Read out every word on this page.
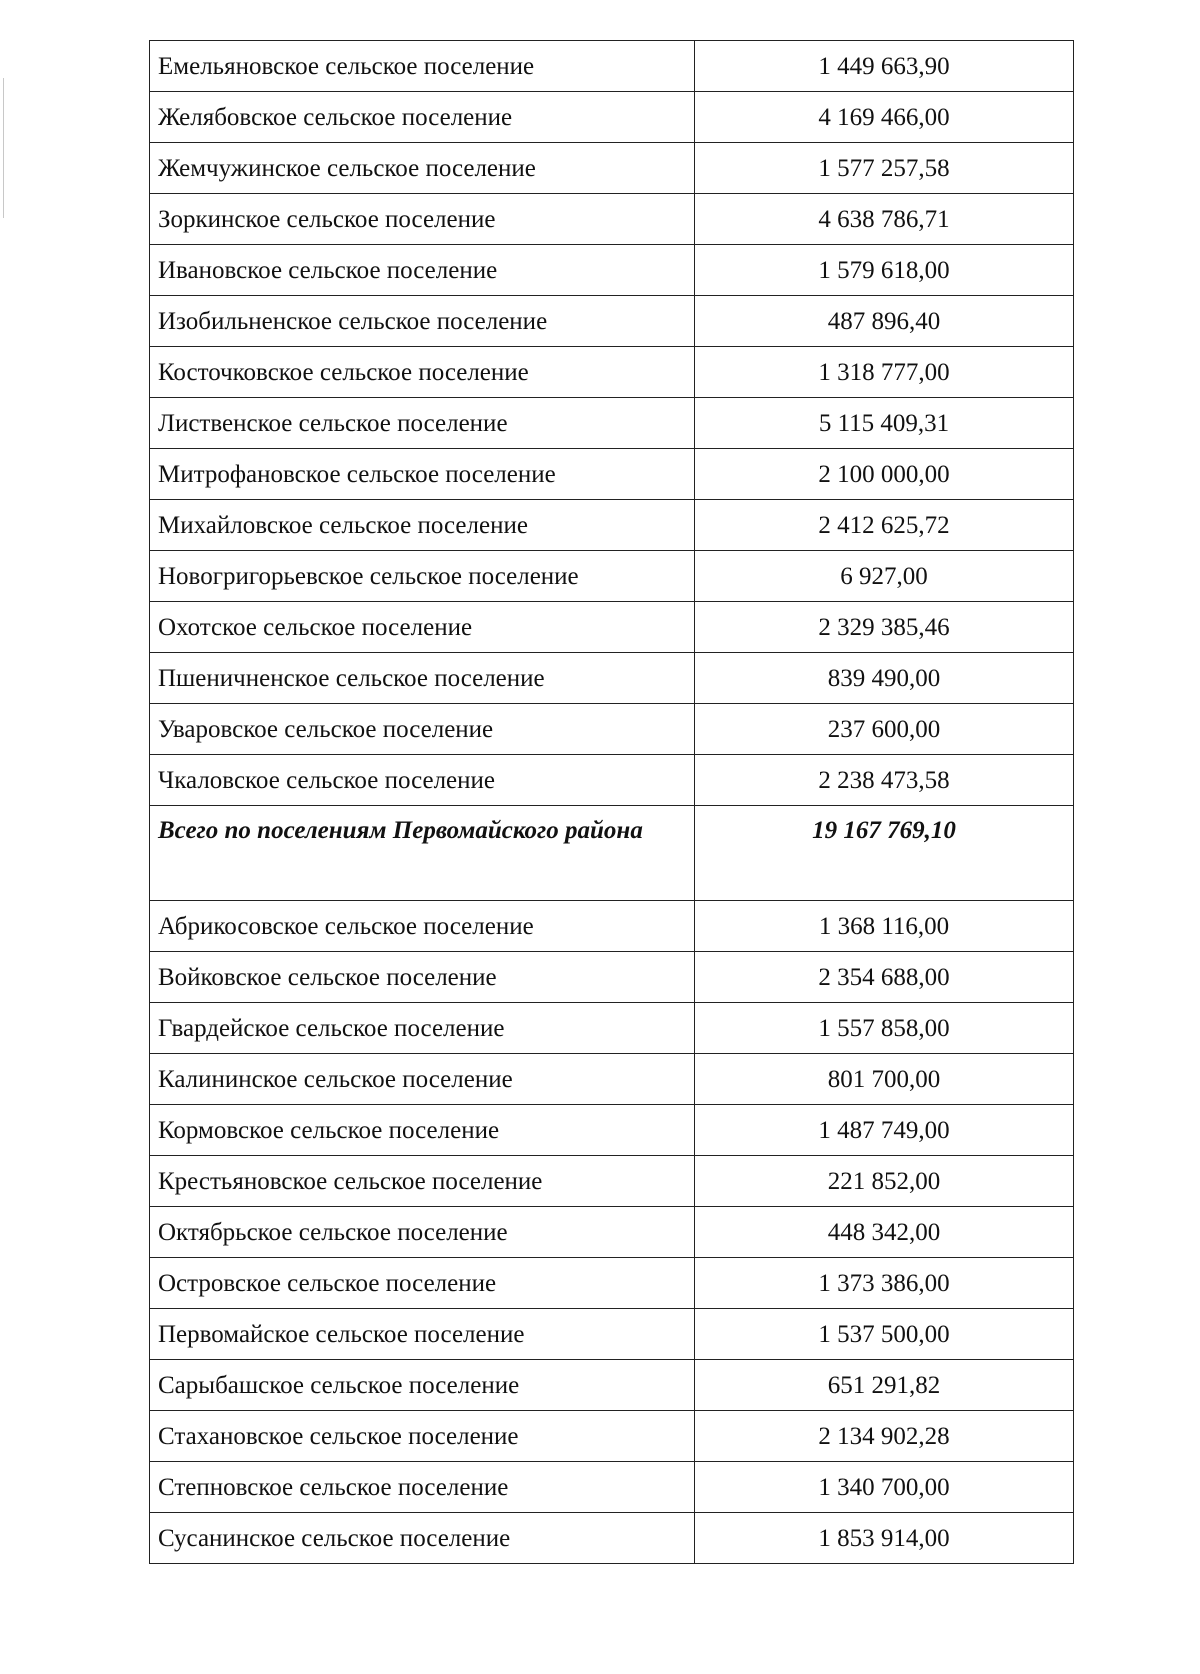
Емельяновское сельское поселение	1 449 663,90
Желябовское сельское поселение	4 169 466,00
Жемчужинское сельское поселение	1 577 257,58
Зоркинское сельское поселение	4 638 786,71
Ивановское сельское поселение	1 579 618,00
Изобильненское сельское поселение	487 896,40
Косточковское сельское поселение	1 318 777,00
Лиственское сельское поселение	5 115 409,31
Митрофановское сельское поселение	2 100 000,00
Михайловское сельское поселение	2 412 625,72
Новогригорьевское сельское поселение	6 927,00
Охотское сельское поселение	2 329 385,46
Пшеничненское сельское поселение	839 490,00
Уваровское сельское поселение	237 600,00
Чкаловское сельское поселение	2 238 473,58
Всего по поселениям Первомайского района	19 167 769,10
Абрикосовское сельское поселение	1 368 116,00
Войковское сельское поселение	2 354 688,00
Гвардейское сельское поселение	1 557 858,00
Калининское сельское поселение	801 700,00
Кормовское сельское поселение	1 487 749,00
Крестьяновское сельское поселение	221 852,00
Октябрьское сельское поселение	448 342,00
Островское сельское поселение	1 373 386,00
Первомайское сельское поселение	1 537 500,00
Сарыбашское сельское поселение	651 291,82
Стахановское сельское поселение	2 134 902,28
Степновское сельское поселение	1 340 700,00
Сусанинское сельское поселение	1 853 914,00
